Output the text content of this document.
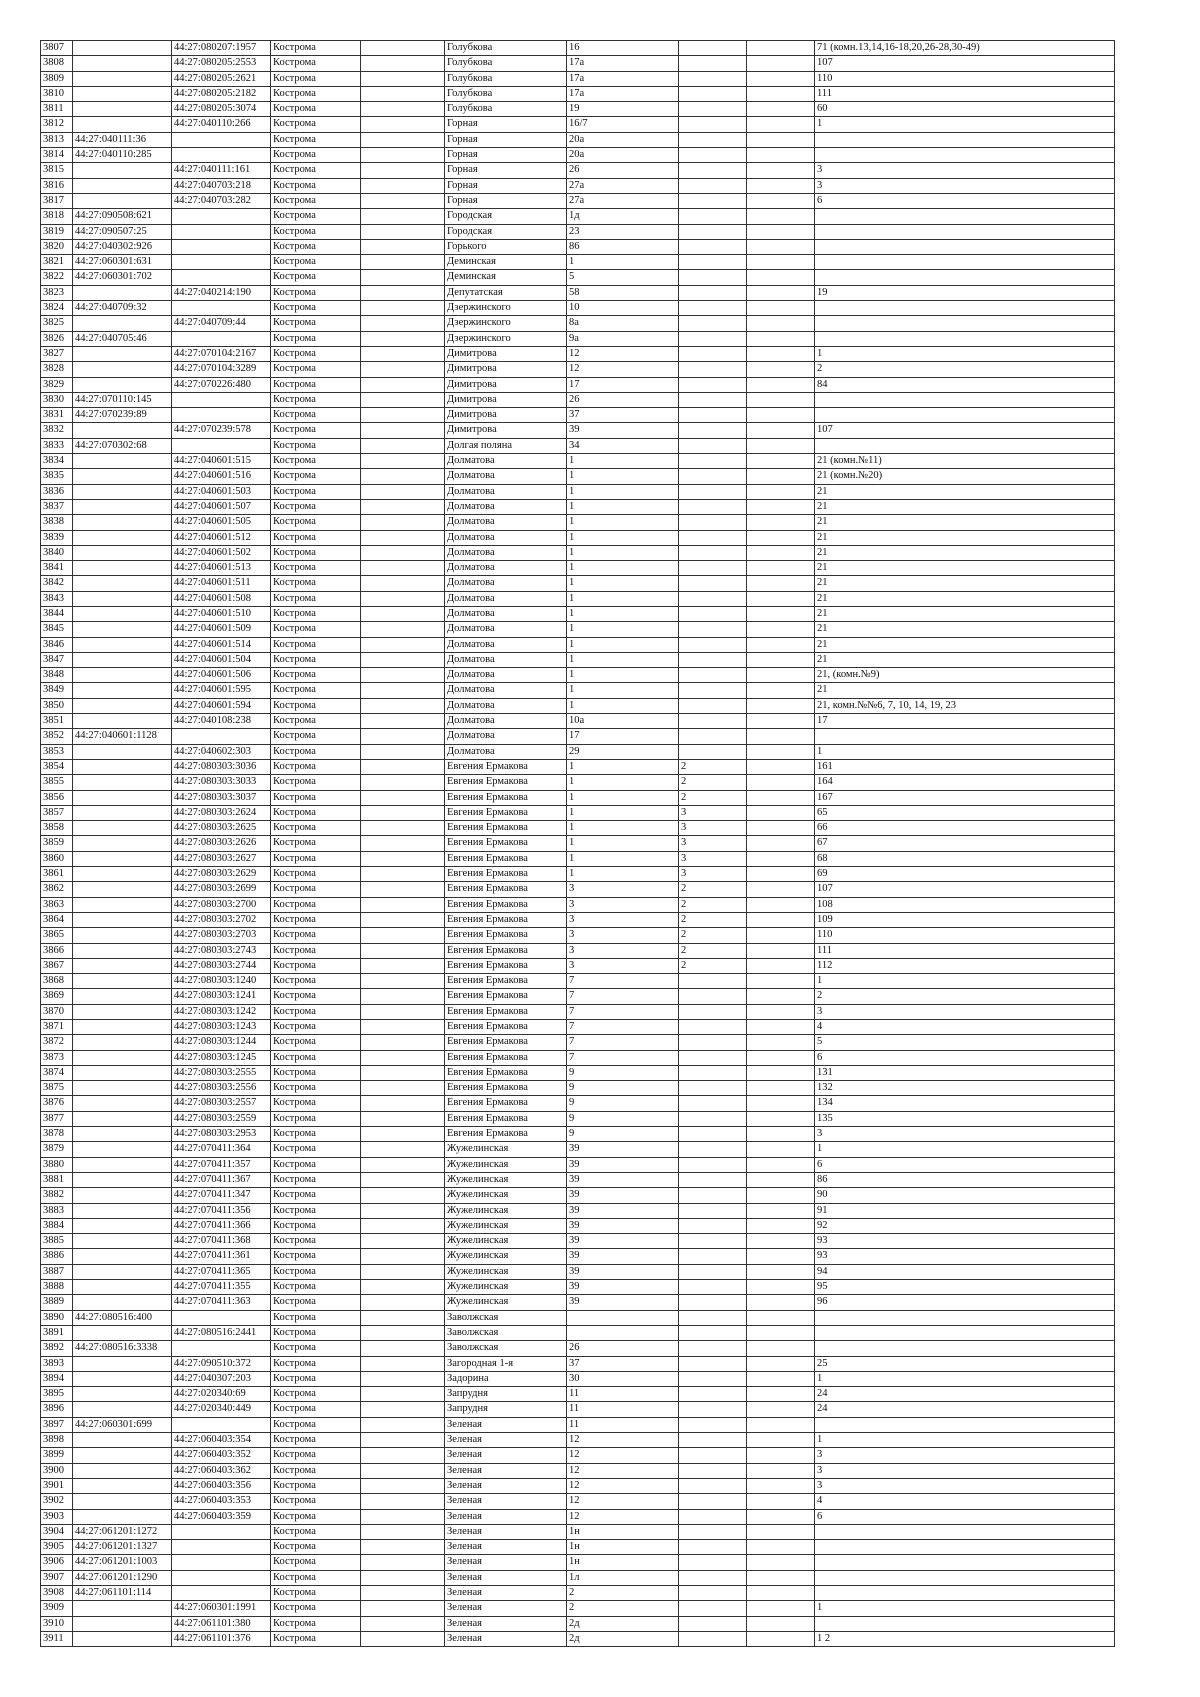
3807		44:27:080207:1957	Кострома		Голубкова	16			71 (комн.13,14,16-18,20,26-28,30-49)
3808		44:27:080205:2553	Кострома		Голубкова	17а			107
3809		44:27:080205:2621	Кострома		Голубкова	17а			110
3810		44:27:080205:2182	Кострома		Голубкова	17а			111
3811		44:27:080205:3074	Кострома		Голубкова	19			60
3812		44:27:040110:266	Кострома		Горная	16/7			1
3813	44:27:040111:36		Кострома		Горная	20а			
3814	44:27:040110:285		Кострома		Горная	20а			
3815		44:27:040111:161	Кострома		Горная	26			3
3816		44:27:040703:218	Кострома		Горная	27а			3
3817		44:27:040703:282	Кострома		Горная	27а			6
3818	44:27:090508:621		Кострома		Городская	1д			
3819	44:27:090507:25		Кострома		Городская	23			
3820	44:27:040302:926		Кострома		Горького	86			
3821	44:27:060301:631		Кострома		Деминская	1			
3822	44:27:060301:702		Кострома		Деминская	5			
3823		44:27:040214:190	Кострома		Депутатская	58			19
3824	44:27:040709:32		Кострома		Дзержинского	10			
3825		44:27:040709:44	Кострома		Дзержинского	8а			
3826	44:27:040705:46		Кострома		Дзержинского	9а			
3827		44:27:070104:2167	Кострома		Димитрова	12			1
3828		44:27:070104:3289	Кострома		Димитрова	12			2
3829		44:27:070226:480	Кострома		Димитрова	17			84
3830	44:27:070110:145		Кострома		Димитрова	26			
3831	44:27:070239:89		Кострома		Димитрова	37			
3832		44:27:070239:578	Кострома		Димитрова	39			107
3833	44:27:070302:68		Кострома		Долгая поляна	34			
3834		44:27:040601:515	Кострома		Долматова	1			21 (комн.№11)
3835		44:27:040601:516	Кострома		Долматова	1			21 (комн.№20)
3836		44:27:040601:503	Кострома		Долматова	1			21
3837		44:27:040601:507	Кострома		Долматова	1			21
3838		44:27:040601:505	Кострома		Долматова	1			21
3839		44:27:040601:512	Кострома		Долматова	1			21
3840		44:27:040601:502	Кострома		Долматова	1			21
3841		44:27:040601:513	Кострома		Долматова	1			21
3842		44:27:040601:511	Кострома		Долматова	1			21
3843		44:27:040601:508	Кострома		Долматова	1			21
3844		44:27:040601:510	Кострома		Долматова	1			21
3845		44:27:040601:509	Кострома		Долматова	1			21
3846		44:27:040601:514	Кострома		Долматова	1			21
3847		44:27:040601:504	Кострома		Долматова	1			21
3848		44:27:040601:506	Кострома		Долматова	1			21, (комн.№9)
3849		44:27:040601:595	Кострома		Долматова	1			21
3850		44:27:040601:594	Кострома		Долматова	1			21, комн.№№6, 7, 10, 14, 19, 23
3851		44:27:040108:238	Кострома		Долматова	10а			17
3852	44:27:040601:1128		Кострома		Долматова	17			
3853		44:27:040602:303	Кострома		Долматова	29			1
3854		44:27:080303:3036	Кострома		Евгения Ермакова	1	2		161
3855		44:27:080303:3033	Кострома		Евгения Ермакова	1	2		164
3856		44:27:080303:3037	Кострома		Евгения Ермакова	1	2		167
3857		44:27:080303:2624	Кострома		Евгения Ермакова	1	3		65
3858		44:27:080303:2625	Кострома		Евгения Ермакова	1	3		66
3859		44:27:080303:2626	Кострома		Евгения Ермакова	1	3		67
3860		44:27:080303:2627	Кострома		Евгения Ермакова	1	3		68
3861		44:27:080303:2629	Кострома		Евгения Ермакова	1	3		69
3862		44:27:080303:2699	Кострома		Евгения Ермакова	3	2		107
3863		44:27:080303:2700	Кострома		Евгения Ермакова	3	2		108
3864		44:27:080303:2702	Кострома		Евгения Ермакова	3	2		109
3865		44:27:080303:2703	Кострома		Евгения Ермакова	3	2		110
3866		44:27:080303:2743	Кострома		Евгения Ермакова	3	2		111
3867		44:27:080303:2744	Кострома		Евгения Ермакова	3	2		112
3868		44:27:080303:1240	Кострома		Евгения Ермакова	7			1
3869		44:27:080303:1241	Кострома		Евгения Ермакова	7			2
3870		44:27:080303:1242	Кострома		Евгения Ермакова	7			3
3871		44:27:080303:1243	Кострома		Евгения Ермакова	7			4
3872		44:27:080303:1244	Кострома		Евгения Ермакова	7			5
3873		44:27:080303:1245	Кострома		Евгения Ермакова	7			6
3874		44:27:080303:2555	Кострома		Евгения Ермакова	9			131
3875		44:27:080303:2556	Кострома		Евгения Ермакова	9			132
3876		44:27:080303:2557	Кострома		Евгения Ермакова	9			134
3877		44:27:080303:2559	Кострома		Евгения Ермакова	9			135
3878		44:27:080303:2953	Кострома		Евгения Ермакова	9			3
3879		44:27:070411:364	Кострома		Жужелинская	39			1
3880		44:27:070411:357	Кострома		Жужелинская	39			6
3881		44:27:070411:367	Кострома		Жужелинская	39			86
3882		44:27:070411:347	Кострома		Жужелинская	39			90
3883		44:27:070411:356	Кострома		Жужелинская	39			91
3884		44:27:070411:366	Кострома		Жужелинская	39			92
3885		44:27:070411:368	Кострома		Жужелинская	39			93
3886		44:27:070411:361	Кострома		Жужелинская	39			93
3887		44:27:070411:365	Кострома		Жужелинская	39			94
3888		44:27:070411:355	Кострома		Жужелинская	39			95
3889		44:27:070411:363	Кострома		Жужелинская	39			96
3890	44:27:080516:400		Кострома		Заволжская				
3891		44:27:080516:2441	Кострома		Заволжская				
3892	44:27:080516:3338		Кострома		Заволжская	26			
3893		44:27:090510:372	Кострома		Загородная 1-я	37			25
3894		44:27:040307:203	Кострома		Задорина	30			1
3895		44:27:020340:69	Кострома		Запрудня	11			24
3896		44:27:020340:449	Кострома		Запрудня	11			24
3897	44:27:060301:699		Кострома		Зеленая	11			
3898		44:27:060403:354	Кострома		Зеленая	12			1
3899		44:27:060403:352	Кострома		Зеленая	12			3
3900		44:27:060403:362	Кострома		Зеленая	12			3
3901		44:27:060403:356	Кострома		Зеленая	12			3
3902		44:27:060403:353	Кострома		Зеленая	12			4
3903		44:27:060403:359	Кострома		Зеленая	12			6
3904	44:27:061201:1272		Кострома		Зеленая	1н			
3905	44:27:061201:1327		Кострома		Зеленая	1н			
3906	44:27:061201:1003		Кострома		Зеленая	1н			
3907	44:27:061201:1290		Кострома		Зеленая	1л			
3908	44:27:061101:114		Кострома		Зеленая	2			
3909		44:27:060301:1991	Кострома		Зеленая	2			1
3910		44:27:061101:380	Кострома		Зеленая	2д			
3911		44:27:061101:376	Кострома		Зеленая	2д			1 2
